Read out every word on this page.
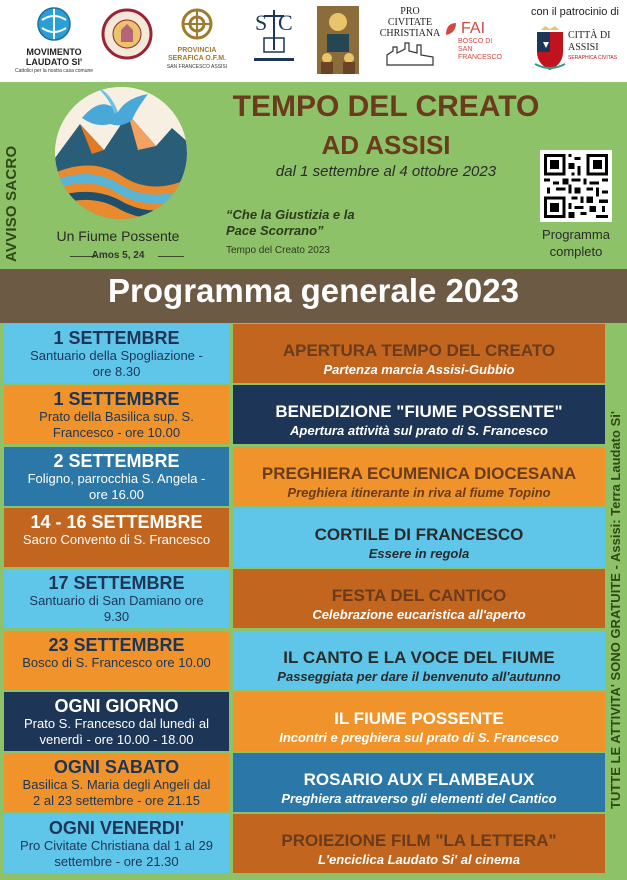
MOVIMENTO
LAUDATO SI'
Cattolici per la nostra casa comune
PROVINCIA
SERAFICA O.F.M.
SAN FRANCESCO ASSISI
S C	PRO
CIVITATE
CHRISTIANA FAI
BOSCO DI
SAN FRANCESCO
con il patrocinio di
CITTÀ DI
ASSISI
SERAPHICA CIVITAS
AVVISO SACRO	Un Fiume Possente
Amos 5, 24
TEMPO DEL CREATO
AD ASSISI
dal 1 settembre al 4 ottobre 2023
“Che la Giustizia e la Pace Scorrano”
Tempo del Creato 2023
Programma completo
Programma generale 2023
1 SETTEMBRE
Santuario della Spogliazione - ore 8.30
APERTURA TEMPO DEL CREATO
Partenza marcia Assisi-Gubbio
1 SETTEMBRE
Prato della Basilica sup. S. Francesco - ore 10.00
BENEDIZIONE "FIUME POSSENTE"
Apertura attività sul prato di S. Francesco
2 SETTEMBRE
Foligno, parrocchia S. Angela - ore 16.00
PREGHIERA ECUMENICA DIOCESANA
Preghiera itinerante in riva al fiume Topino
14 - 16 SETTEMBRE
Sacro Convento di S. Francesco	CORTILE DI FRANCESCO
Essere in regola
17 SETTEMBRE
Santuario di San Damiano ore 9.30
FESTA DEL CANTICO
Celebrazione eucaristica all'aperto
23 SETTEMBRE
Bosco di S. Francesco ore 10.00	IL CANTO E LA VOCE DEL FIUME
Passeggiata per dare il benvenuto all'autunno
OGNI GIORNO
Prato S. Francesco dal lunedì al venerdì - ore 10.00 - 18.00
IL FIUME POSSENTE
Incontri e preghiera sul prato di S. Francesco
OGNI SABATO
Basilica S. Maria degli Angeli dal 2 al 23 settembre - ore 21.15
ROSARIO AUX FLAMBEAUX
Preghiera attraverso gli elementi del Cantico
OGNI VENERDI'
Pro Civitate Christiana dal 1 al 29 settembre - ore 21.30
PROIEZIONE FILM "LA LETTERA"
L'enciclica Laudato Si' al cinema
TUTTE LE ATTIVITA' SONO GRATUITE - Assisi: Terra Laudato Si'
